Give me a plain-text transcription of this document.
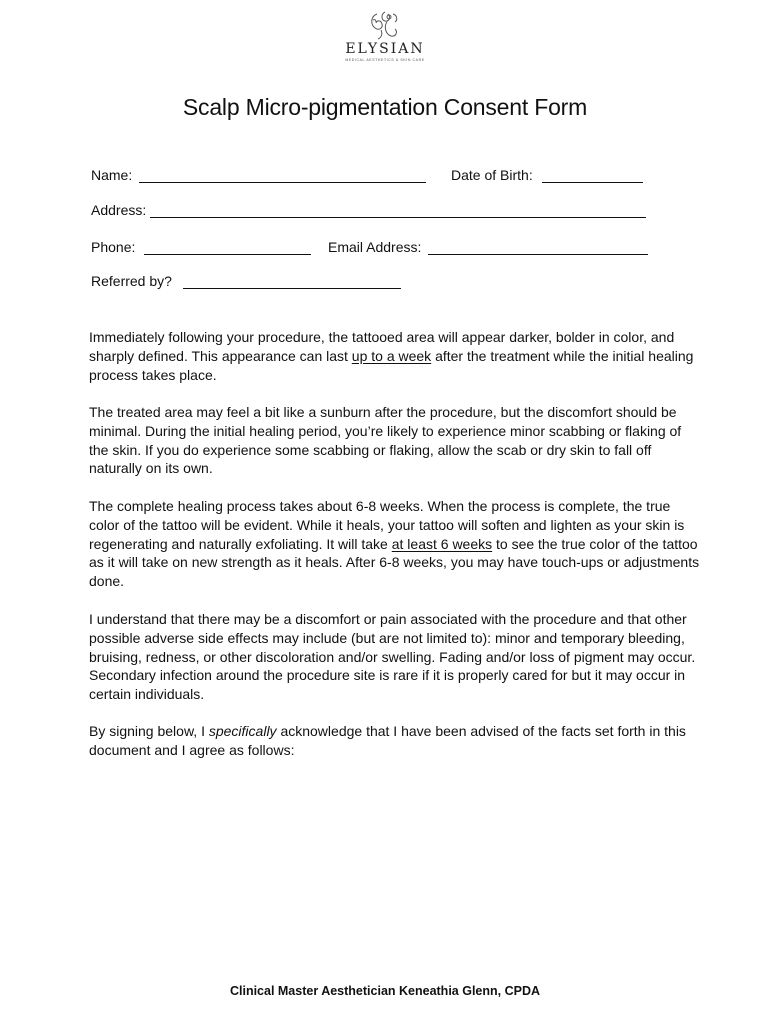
ELYSIAN
MEDICAL AESTHETICS & SKIN CARE
Scalp Micro-pigmentation Consent Form
Name:	Date of Birth:
Address:
Phone:	Email Address:
Referred by?

Immediately following your procedure, the tattooed area will appear darker, bolder in color, and sharply defined. This appearance can last up to a week after the treatment while the initial healing process takes place.

The treated area may feel a bit like a sunburn after the procedure, but the discomfort should be minimal. During the initial healing period, you’re likely to experience minor scabbing or flaking of the skin. If you do experience some scabbing or flaking, allow the scab or dry skin to fall off naturally on its own.

The complete healing process takes about 6-8 weeks. When the process is complete, the true color of the tattoo will be evident. While it heals, your tattoo will soften and lighten as your skin is regenerating and naturally exfoliating. It will take at least 6 weeks to see the true color of the tattoo as it will take on new strength as it heals. After 6-8 weeks, you may have touch-ups or adjustments done.

I understand that there may be a discomfort or pain associated with the procedure and that other possible adverse side effects may include (but are not limited to): minor and temporary bleeding, bruising, redness, or other discoloration and/or swelling. Fading and/or loss of pigment may occur. Secondary infection around the procedure site is rare if it is properly cared for but it may occur in certain individuals.

By signing below, I specifically acknowledge that I have been advised of the facts set forth in this document and I agree as follows:

Clinical Master Aesthetician Keneathia Glenn, CPDA
